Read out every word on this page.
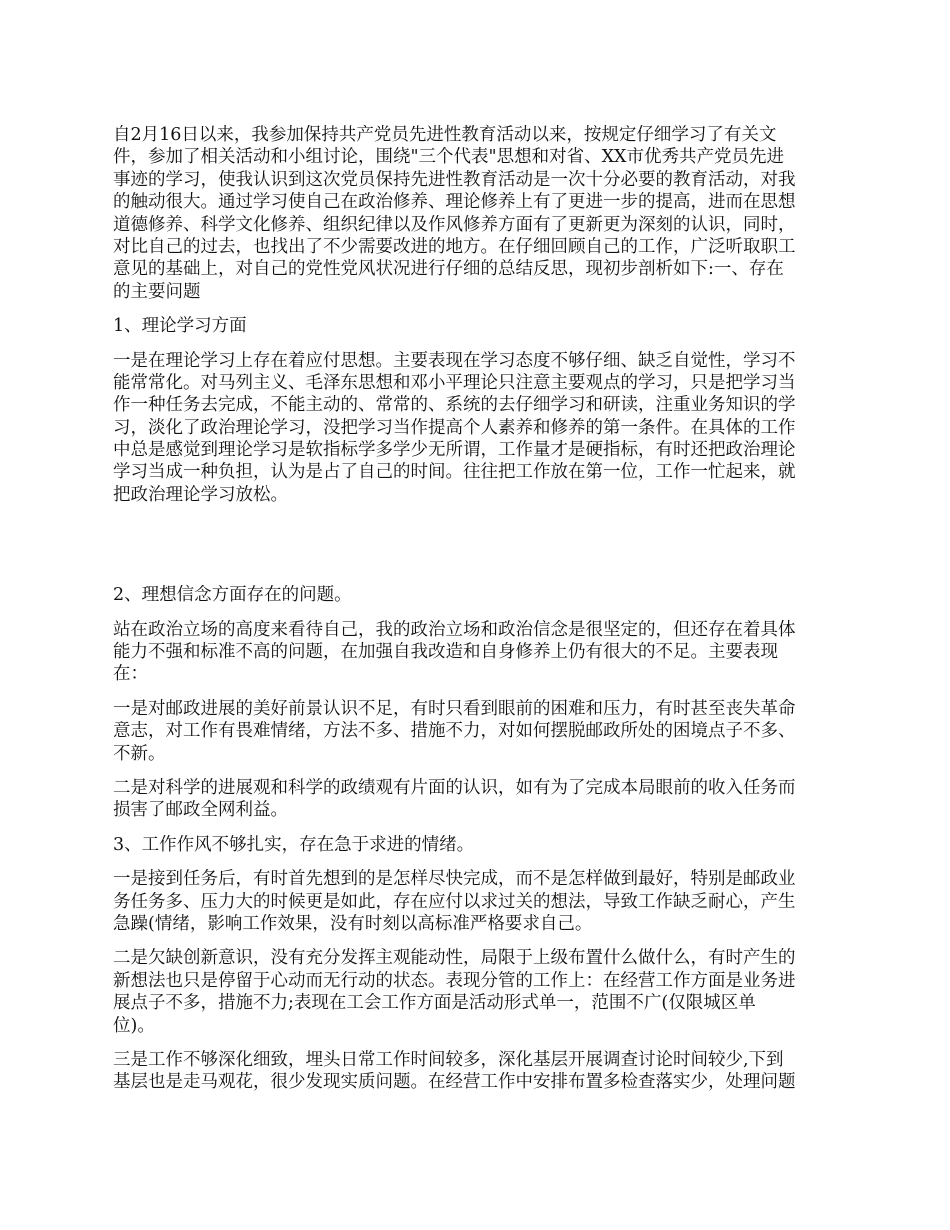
自2月16日以来，我参加保持共产党员先进性教育活动以来，按规定仔细学习了有关文
件，参加了相关活动和小组讨论，围绕"三个代表"思想和对省、XX市优秀共产党员先进
事迹的学习，使我认识到这次党员保持先进性教育活动是一次十分必要的教育活动，对我
的触动很大。通过学习使自己在政治修养、理论修养上有了更进一步的提高，进而在思想
道德修养、科学文化修养、组织纪律以及作风修养方面有了更新更为深刻的认识，同时，
对比自己的过去，也找出了不少需要改进的地方。在仔细回顾自己的工作，广泛听取职工
意见的基础上，对自己的党性党风状况进行仔细的总结反思，现初步剖析如下:一、存在
的主要问题
1、理论学习方面
一是在理论学习上存在着应付思想。主要表现在学习态度不够仔细、缺乏自觉性，学习不
能常常化。对马列主义、毛泽东思想和邓小平理论只注意主要观点的学习，只是把学习当
作一种任务去完成，不能主动的、常常的、系统的去仔细学习和研读，注重业务知识的学
习，淡化了政治理论学习，没把学习当作提高个人素养和修养的第一条件。在具体的工作
中总是感觉到理论学习是软指标学多学少无所谓，工作量才是硬指标，有时还把政治理论
学习当成一种负担，认为是占了自己的时间。往往把工作放在第一位，工作一忙起来，就
把政治理论学习放松。
2、理想信念方面存在的问题。
站在政治立场的高度来看待自己，我的政治立场和政治信念是很坚定的，但还存在着具体
能力不强和标准不高的问题，在加强自我改造和自身修养上仍有很大的不足。主要表现
在：
一是对邮政进展的美好前景认识不足，有时只看到眼前的困难和压力，有时甚至丧失革命
意志，对工作有畏难情绪，方法不多、措施不力，对如何摆脱邮政所处的困境点子不多、
不新。
二是对科学的进展观和科学的政绩观有片面的认识，如有为了完成本局眼前的收入任务而
损害了邮政全网利益。
3、工作作风不够扎实，存在急于求进的情绪。
一是接到任务后，有时首先想到的是怎样尽快完成，而不是怎样做到最好，特别是邮政业
务任务多、压力大的时候更是如此，存在应付以求过关的想法，导致工作缺乏耐心，产生
急躁(情绪，影响工作效果，没有时刻以高标准严格要求自己。
二是欠缺创新意识，没有充分发挥主观能动性，局限于上级布置什么做什么，有时产生的
新想法也只是停留于心动而无行动的状态。表现分管的工作上：在经营工作方面是业务进
展点子不多，措施不力;表现在工会工作方面是活动形式单一，范围不广(仅限城区单
位)。
三是工作不够深化细致，埋头日常工作时间较多，深化基层开展调查讨论时间较少,下到
基层也是走马观花，很少发现实质问题。在经营工作中安排布置多检查落实少，处理问题
